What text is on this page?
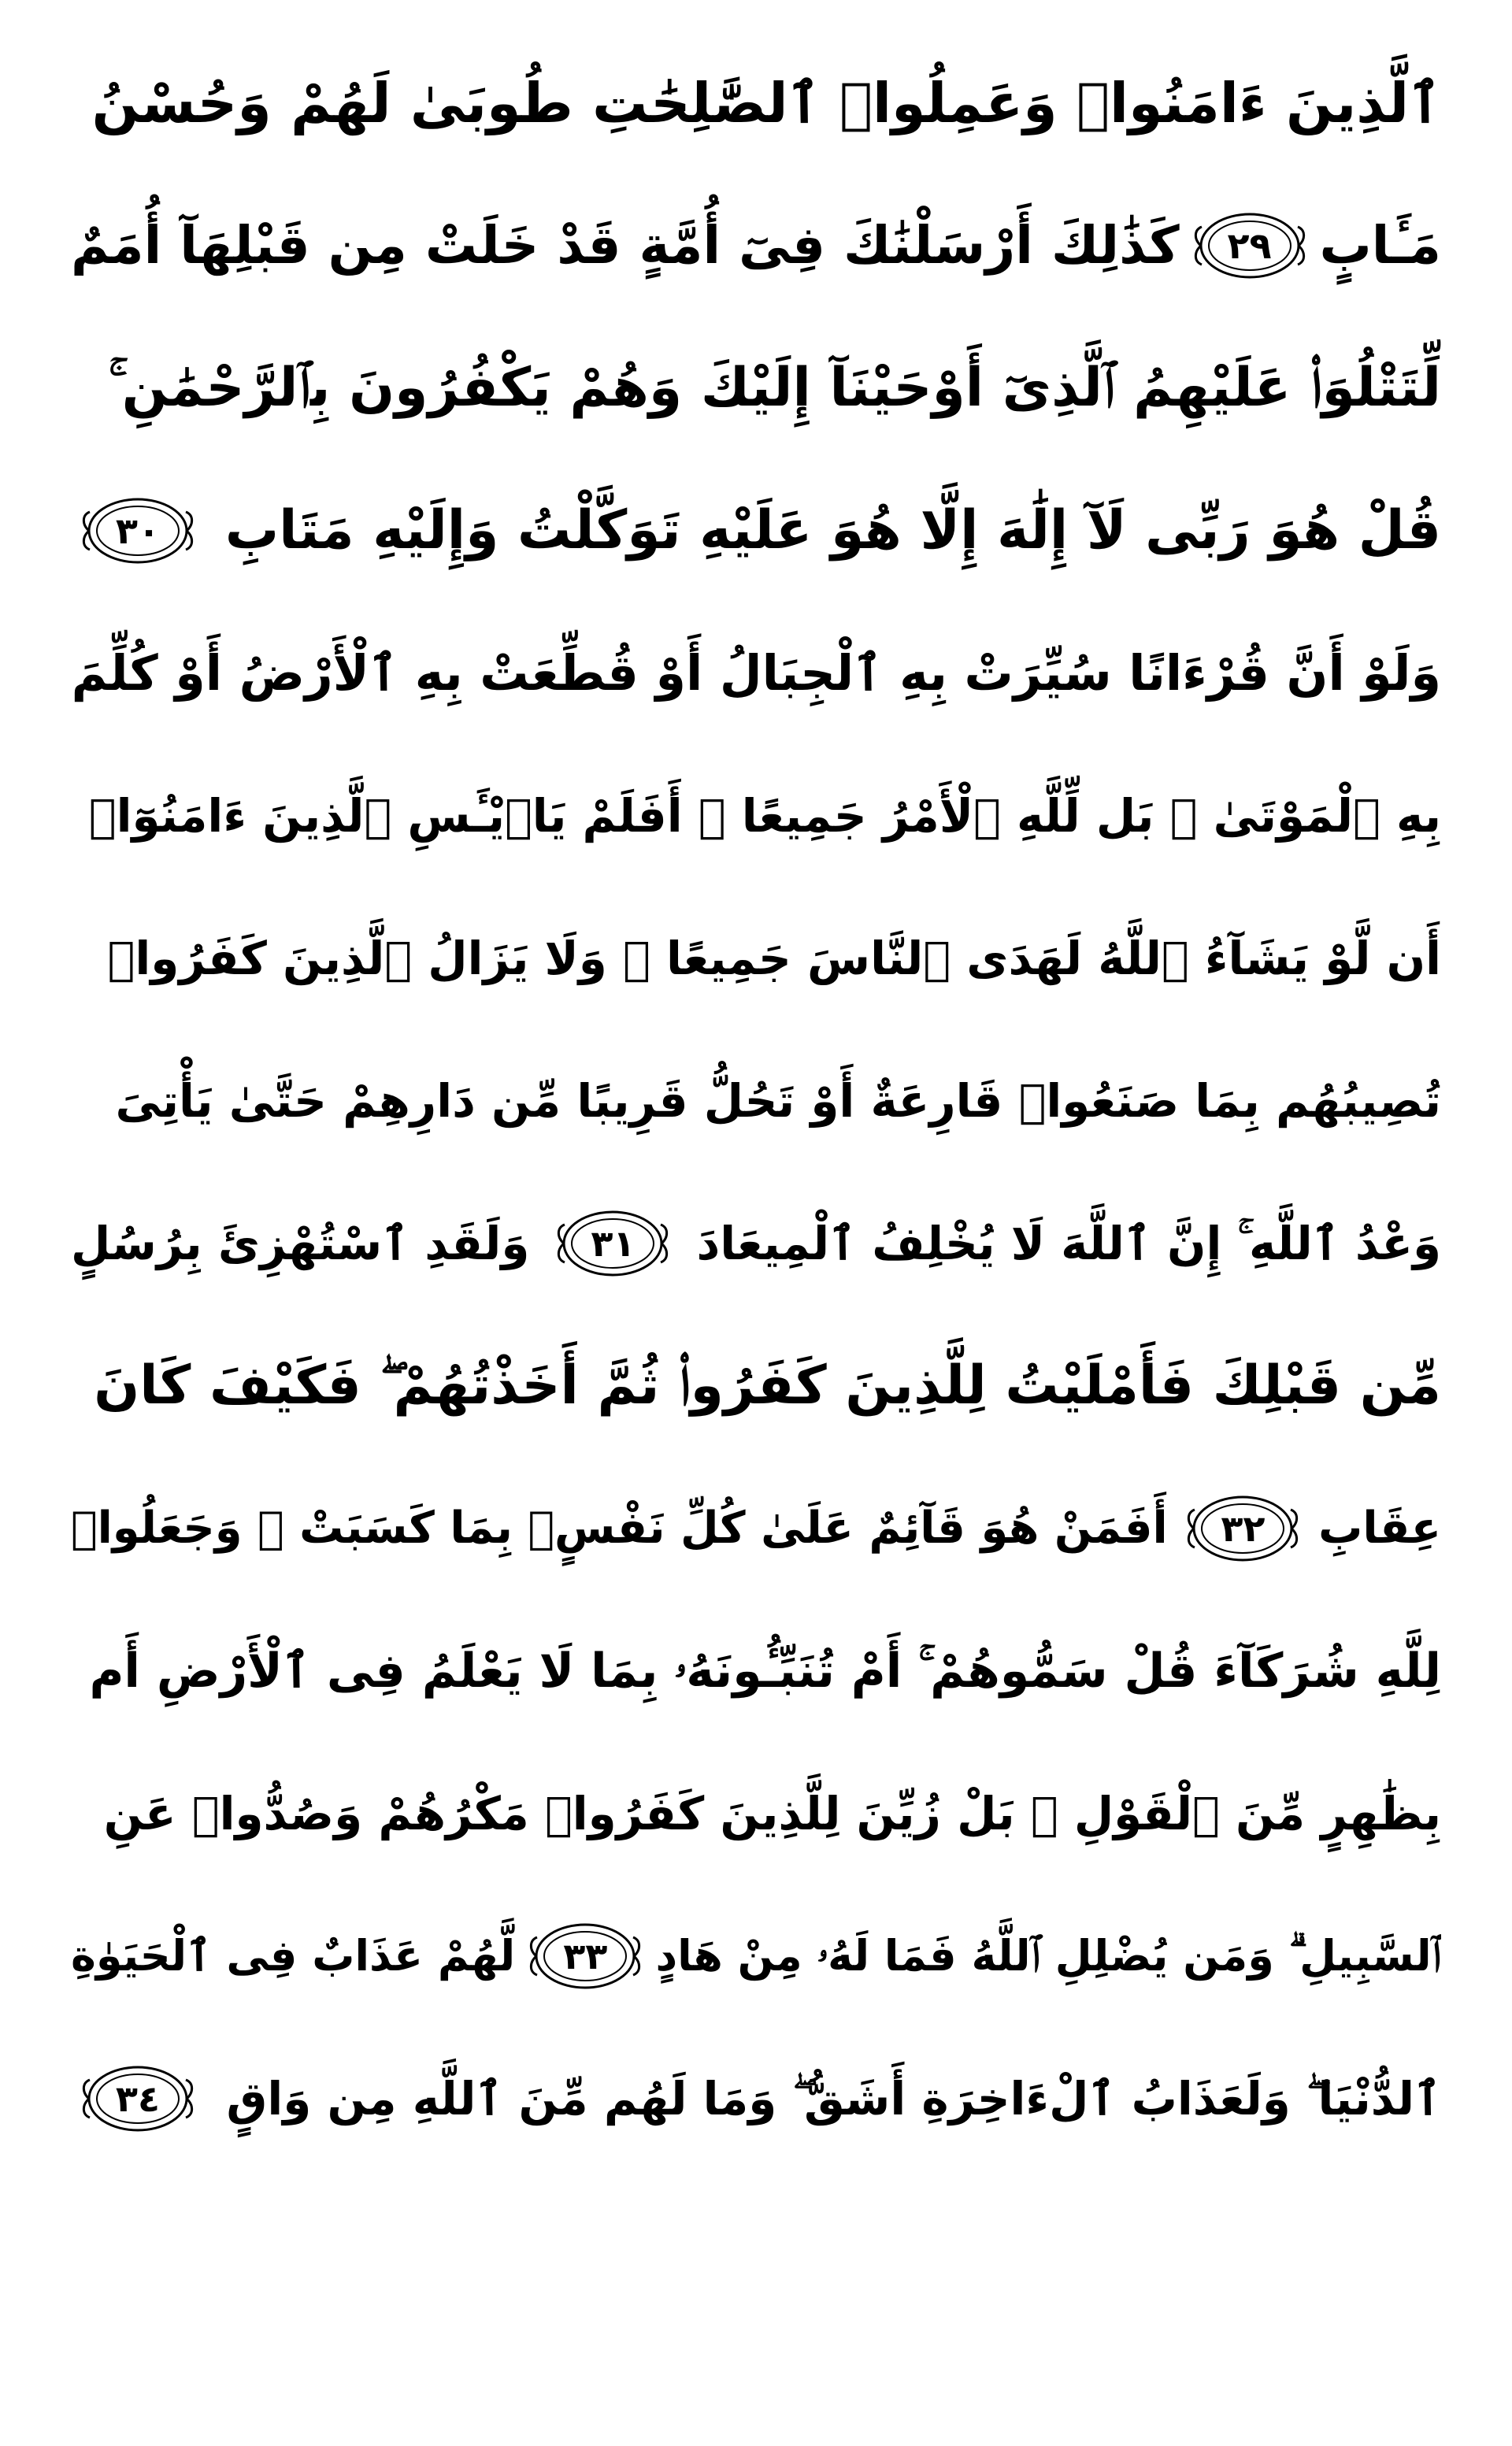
ٱلَّذِينَ ءَامَنُوا۟ وَعَمِلُوا۟ ٱلصَّٰلِحَٰتِ طُوبَىٰ لَهُمْ وَحُسْنُ
مَـَٔابٍ
٢٩
كَذَٰلِكَ أَرْسَلْنَٰكَ فِىٓ أُمَّةٍ قَدْ خَلَتْ مِن قَبْلِهَآ أُمَمٌ
لِّتَتْلُوَا۟ عَلَيْهِمُ ٱلَّذِىٓ أَوْحَيْنَآ إِلَيْكَ وَهُمْ يَكْفُرُونَ بِٱلرَّحْمَٰنِ ۚ
قُلْ هُوَ رَبِّى لَآ إِلَٰهَ إِلَّا هُوَ عَلَيْهِ تَوَكَّلْتُ وَإِلَيْهِ مَتَابِ
٣٠
وَلَوْ أَنَّ قُرْءَانًا سُيِّرَتْ بِهِ ٱلْجِبَالُ أَوْ قُطِّعَتْ بِهِ ٱلْأَرْضُ أَوْ كُلِّمَ
بِهِ ٱلْمَوْتَىٰ ۗ بَل لِّلَّهِ ٱلْأَمْرُ جَمِيعًا ۗ أَفَلَمْ يَا۟يْـَٔسِ ٱلَّذِينَ ءَامَنُوٓا۟
أَن لَّوْ يَشَآءُ ٱللَّهُ لَهَدَى ٱلنَّاسَ جَمِيعًا ۗ وَلَا يَزَالُ ٱلَّذِينَ كَفَرُوا۟
تُصِيبُهُم بِمَا صَنَعُوا۟ قَارِعَةٌ أَوْ تَحُلُّ قَرِيبًا مِّن دَارِهِمْ حَتَّىٰ يَأْتِىَ
وَعْدُ ٱللَّهِ ۚ إِنَّ ٱللَّهَ لَا يُخْلِفُ ٱلْمِيعَادَ
٣١
وَلَقَدِ ٱسْتُهْزِئَ بِرُسُلٍ
مِّن قَبْلِكَ فَأَمْلَيْتُ لِلَّذِينَ كَفَرُوا۟ ثُمَّ أَخَذْتُهُمْ ۖ فَكَيْفَ كَانَ
عِقَابِ
٣٢
أَفَمَنْ هُوَ قَآئِمٌ عَلَىٰ كُلِّ نَفْسٍۭ بِمَا كَسَبَتْ ۗ وَجَعَلُوا۟
لِلَّهِ شُرَكَآءَ قُلْ سَمُّوهُمْ ۚ أَمْ تُنَبِّـُٔونَهُۥ بِمَا لَا يَعْلَمُ فِى ٱلْأَرْضِ أَم
بِظَٰهِرٍ مِّنَ ٱلْقَوْلِ ۗ بَلْ زُيِّنَ لِلَّذِينَ كَفَرُوا۟ مَكْرُهُمْ وَصُدُّوا۟ عَنِ
ٱلسَّبِيلِ ۗ وَمَن يُضْلِلِ ٱللَّهُ فَمَا لَهُۥ مِنْ هَادٍ
٣٣
لَّهُمْ عَذَابٌ فِى ٱلْحَيَوٰةِ
ٱلدُّنْيَا ۖ وَلَعَذَابُ ٱلْءَاخِرَةِ أَشَقُّ ۖ وَمَا لَهُم مِّنَ ٱللَّهِ مِن وَاقٍ
٣٤
